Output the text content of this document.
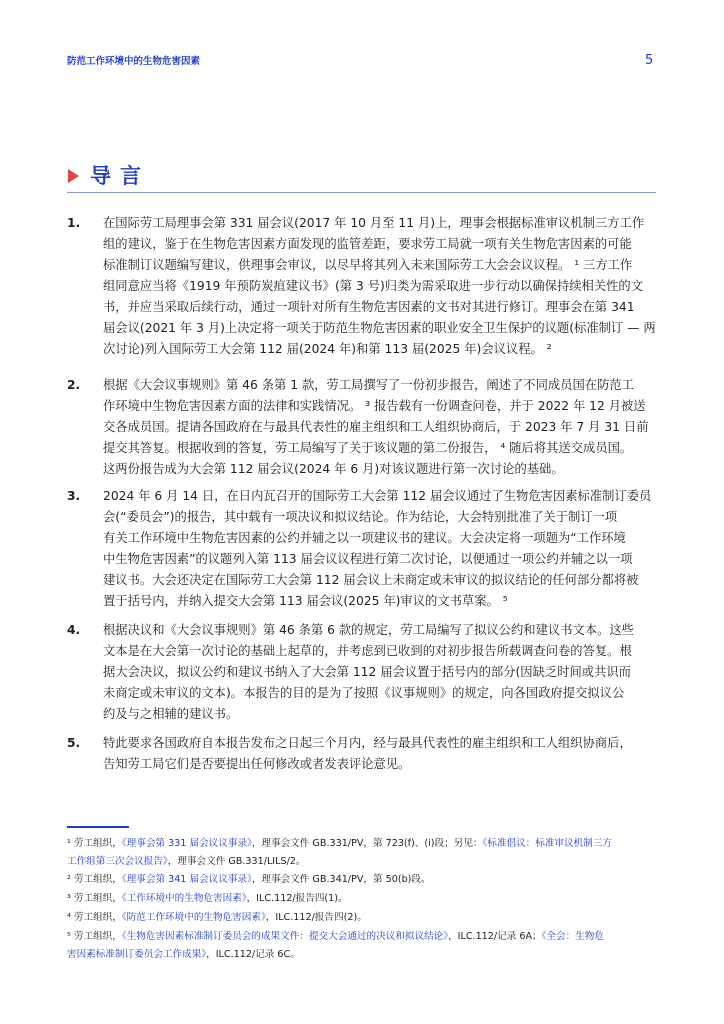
防范工作环境中的生物危害因素	5
导言
1. 在国际劳工局理事会第 331 届会议(2017 年 10 月至 11 月)上，理事会根据标准审议机制三方工作
组的建议，鉴于在生物危害因素方面发现的监管差距，要求劳工局就一项有关生物危害因素的可能
标准制订议题编写建议，供理事会审议，以尽早将其列入未来国际劳工大会会议议程。 ¹ 三方工作
组同意应当将《1919 年预防炭疽建议书》(第 3 号)归类为需采取进一步行动以确保持续相关性的文
书，并应当采取后续行动，通过一项针对所有生物危害因素的文书对其进行修订。理事会在第 341
届会议(2021 年 3 月)上决定将一项关于防范生物危害因素的职业安全卫生保护的议题(标准制订 — 两
次讨论)列入国际劳工大会第 112 届(2024 年)和第 113 届(2025 年)会议议程。 ²
2. 根据《大会议事规则》第 46 条第 1 款，劳工局撰写了一份初步报告，阐述了不同成员国在防范工
作环境中生物危害因素方面的法律和实践情况。 ³ 报告载有一份调查问卷，并于 2022 年 12 月被送
交各成员国。提请各国政府在与最具代表性的雇主组织和工人组织协商后，于 2023 年 7 月 31 日前
提交其答复。根据收到的答复，劳工局编写了关于该议题的第二份报告， ⁴ 随后将其送交成员国。
这两份报告成为大会第 112 届会议(2024 年 6 月)对该议题进行第一次讨论的基础。
3. 2024 年 6 月 14 日，在日内瓦召开的国际劳工大会第 112 届会议通过了生物危害因素标准制订委员
会(“委员会”)的报告，其中载有一项决议和拟议结论。作为结论，大会特别批准了关于制订一项
有关工作环境中生物危害因素的公约并辅之以一项建议书的建议。大会决定将一项题为“工作环境
中生物危害因素”的议题列入第 113 届会议议程进行第二次讨论，以便通过一项公约并辅之以一项
建议书。大会还决定在国际劳工大会第 112 届会议上未商定或未审议的拟议结论的任何部分都将被
置于括号内，并纳入提交大会第 113 届会议(2025 年)审议的文书草案。 ⁵
4. 根据决议和《大会议事规则》第 46 条第 6 款的规定，劳工局编写了拟议公约和建议书文本。这些
文本是在大会第一次讨论的基础上起草的，并考虑到已收到的对初步报告所载调查问卷的答复。根
据大会决议，拟议公约和建议书纳入了大会第 112 届会议置于括号内的部分(因缺乏时间或共识而
未商定或未审议的文本)。本报告的目的是为了按照《议事规则》的规定，向各国政府提交拟议公
约及与之相辅的建议书。
5. 特此要求各国政府自本报告发布之日起三个月内，经与最具代表性的雇主组织和工人组织协商后，
告知劳工局它们是否要提出任何修改或者发表评论意见。
¹ 劳工组织，《理事会第 331 届会议议事录》，理事会文件 GB.331/PV，第 723(f)、(i)段；另见：《标准倡议：标准审议机制三方
工作组第三次会议报告》，理事会文件 GB.331/LILS/2。
² 劳工组织，《理事会第 341 届会议议事录》，理事会文件 GB.341/PV，第 50(b)段。
³ 劳工组织，《工作环境中的生物危害因素》，ILC.112/报告四(1)。
⁴ 劳工组织，《防范工作环境中的生物危害因素》，ILC.112/报告四(2)。
⁵ 劳工组织，《生物危害因素标准制订委员会的成果文件：提交大会通过的决议和拟议结论》，ILC.112/记录 6A；《全会：生物危
害因素标准制订委员会工作成果》，ILC.112/记录 6C。
